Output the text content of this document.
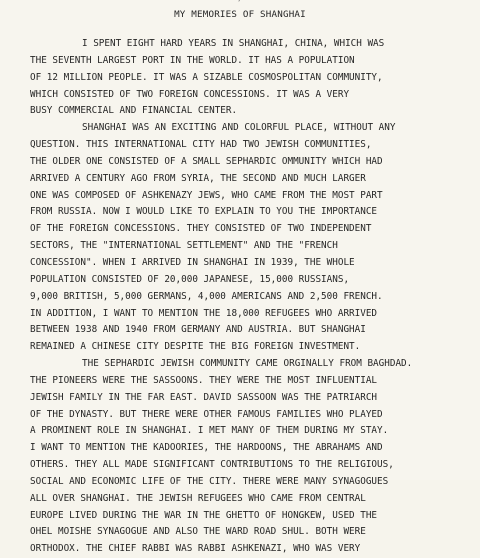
ʼ
MY MEMORIES OF SHANGHAI
I SPENT EIGHT HARD YEARS IN SHANGHAI, CHINA, WHICH WAS
THE SEVENTH LARGEST PORT IN THE WORLD. IT HAS A POPULATION
OF 12 MILLION PEOPLE. IT WAS A SIZABLE COSMOSPOLITAN COMMUNITY,
WHICH CONSISTED OF TWO FOREIGN CONCESSIONS. IT WAS A VERY
BUSY COMMERCIAL AND FINANCIAL CENTER.
SHANGHAI WAS AN EXCITING AND COLORFUL PLACE, WITHOUT ANY
QUESTION. THIS INTERNATIONAL CITY HAD TWO JEWISH COMMUNITIES,
THE OLDER ONE CONSISTED OF A SMALL SEPHARDIC OMMUNITY WHICH HAD
ARRIVED A CENTURY AGO FROM SYRIA, THE SECOND AND MUCH LARGER
ONE WAS COMPOSED OF ASHKENAZY JEWS, WHO CAME FROM THE MOST PART
FROM RUSSIA. NOW I WOULD LIKE TO EXPLAIN TO YOU THE IMPORTANCE
OF THE FOREIGN CONCESSIONS. THEY CONSISTED OF TWO INDEPENDENT
SECTORS, THE "INTERNATIONAL SETTLEMENT" AND THE "FRENCH
CONCESSION". WHEN I ARRIVED IN SHANGHAI IN 1939, THE WHOLE
POPULATION CONSISTED OF 20,000 JAPANESE, 15,000 RUSSIANS,
9,000 BRITISH, 5,000 GERMANS, 4,000 AMERICANS AND 2,500 FRENCH.
IN ADDITION, I WANT TO MENTION THE 18,000 REFUGEES WHO ARRIVED
BETWEEN 1938 AND 1940 FROM GERMANY AND AUSTRIA. BUT SHANGHAI
REMAINED A CHINESE CITY DESPITE THE BIG FOREIGN INVESTMENT.
THE SEPHARDIC JEWISH COMMUNITY CAME ORGINALLY FROM BAGHDAD.
THE PIONEERS WERE THE SASSOONS. THEY WERE THE MOST INFLUENTIAL
JEWISH FAMILY IN THE FAR EAST. DAVID SASSOON WAS THE PATRIARCH
OF THE DYNASTY. BUT THERE WERE OTHER FAMOUS FAMILIES WHO PLAYED
A PROMINENT ROLE IN SHANGHAI. I MET MANY OF THEM DURING MY STAY.
I WANT TO MENTION THE KADOORIES, THE HARDOONS, THE ABRAHAMS AND
OTHERS. THEY ALL MADE SIGNIFICANT CONTRIBUTIONS TO THE RELIGIOUS,
SOCIAL AND ECONOMIC LIFE OF THE CITY. THERE WERE MANY SYNAGOGUES
ALL OVER SHANGHAI. THE JEWISH REFUGEES WHO CAME FROM CENTRAL
EUROPE LIVED DURING THE WAR IN THE GHETTO OF HONGKEW, USED THE
OHEL MOISHE SYNAGOGUE AND ALSO THE WARD ROAD SHUL. BOTH WERE
ORTHODOX. THE CHIEF RABBI WAS RABBI ASHKENAZI, WHO WAS VERY
